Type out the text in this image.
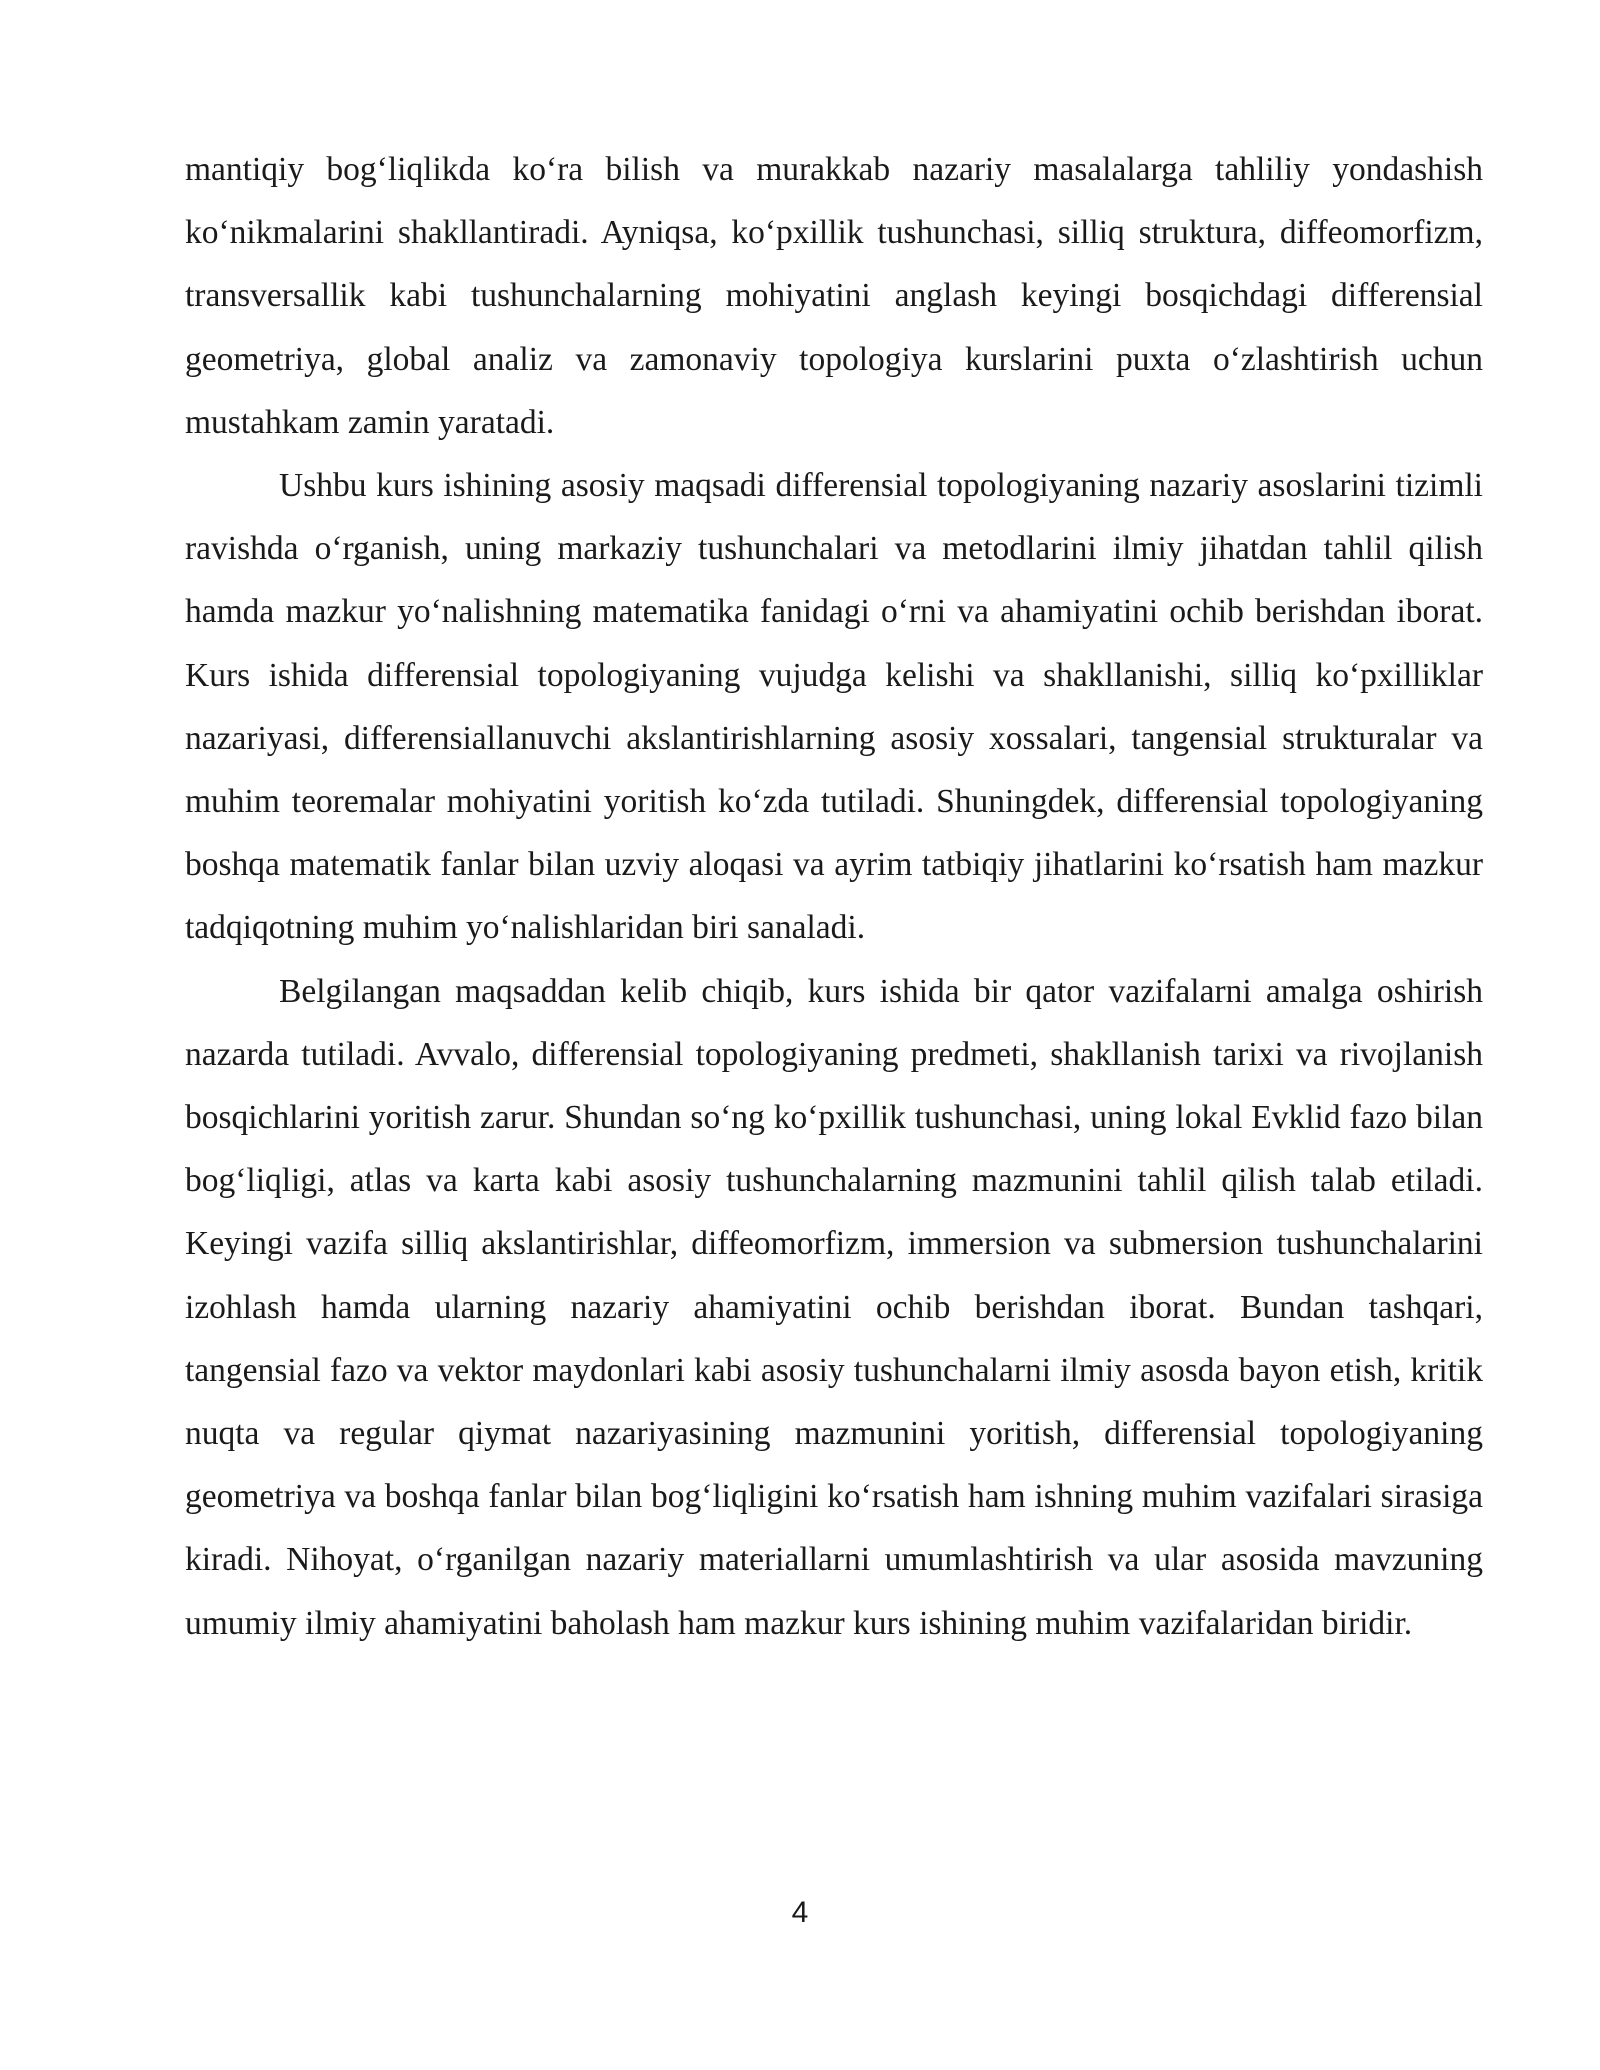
mantiqiy bog‘liqlikda ko‘ra bilish va murakkab nazariy masalalarga tahliliy yondashish ko‘nikmalarini shakllantiradi. Ayniqsa, ko‘pxillik tushunchasi, silliq struktura, diffeomorfizm, transversallik kabi tushunchalarning mohiyatini anglash keyingi bosqichdagi differensial geometriya, global analiz va zamonaviy topologiya kurslarini puxta o‘zlashtirish uchun mustahkam zamin yaratadi.

Ushbu kurs ishining asosiy maqsadi differensial topologiyaning nazariy asoslarini tizimli ravishda o‘rganish, uning markaziy tushunchalari va metodlarini ilmiy jihatdan tahlil qilish hamda mazkur yo‘nalishning matematika fanidagi o‘rni va ahamiyatini ochib berishdan iborat. Kurs ishida differensial topologiyaning vujudga kelishi va shakllanishi, silliq ko‘pxilliklar nazariyasi, differensiallanuvchi akslantirishlarning asosiy xossalari, tangensial strukturalar va muhim teoremalar mohiyatini yoritish ko‘zda tutiladi. Shuningdek, differensial topologiyaning boshqa matematik fanlar bilan uzviy aloqasi va ayrim tatbiqiy jihatlarini ko‘rsatish ham mazkur tadqiqotning muhim yo‘nalishlaridan biri sanaladi.

Belgilangan maqsaddan kelib chiqib, kurs ishida bir qator vazifalarni amalga oshirish nazarda tutiladi. Avvalo, differensial topologiyaning predmeti, shakllanish tarixi va rivojlanish bosqichlarini yoritish zarur. Shundan so‘ng ko‘pxillik tushunchasi, uning lokal Evklid fazo bilan bog‘liqligi, atlas va karta kabi asosiy tushunchalarning mazmunini tahlil qilish talab etiladi. Keyingi vazifa silliq akslantirishlar, diffeomorfizm, immersion va submersion tushunchalarini izohlash hamda ularning nazariy ahamiyatini ochib berishdan iborat. Bundan tashqari, tangensial fazo va vektor maydonlari kabi asosiy tushunchalarni ilmiy asosda bayon etish, kritik nuqta va regular qiymat nazariyasining mazmunini yoritish, differensial topologiyaning geometriya va boshqa fanlar bilan bog‘liqligini ko‘rsatish ham ishning muhim vazifalari sirasiga kiradi. Nihoyat, o‘rganilgan nazariy materiallarni umumlashtirish va ular asosida mavzuning umumiy ilmiy ahamiyatini baholash ham mazkur kurs ishining muhim vazifalaridan biridir.

4
